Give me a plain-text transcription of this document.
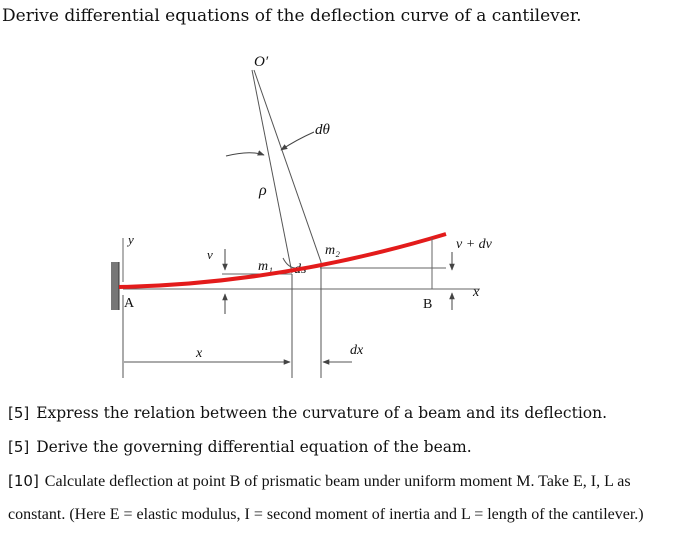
Derive differential equations of the deflection curve of a cantilever.
y
x
O′
dθ
ρ
v
m₁ ds
m₂	v + dv
A	B
x	dx
[5] Express the relation between the curvature of a beam and its deflection.
[5] Derive the governing differential equation of the beam.
[10] Calculate deflection at point B of prismatic beam under uniform moment M. Take E, I, L as
constant. (Here E = elastic modulus, I = second moment of inertia and L = length of the cantilever.)
